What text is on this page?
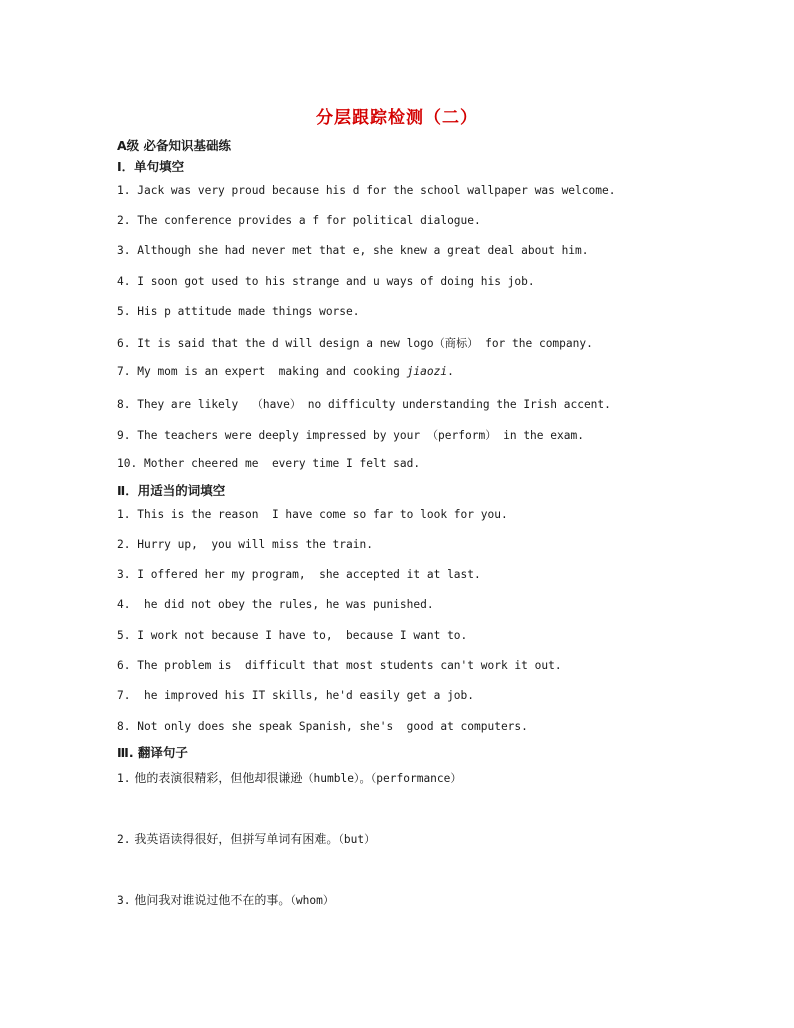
分层跟踪检测（二）
A级 必备知识基础练
Ⅰ．单句填空
1. Jack was very proud because his d for the school wallpaper was welcome.
2. The conference provides a f for political dialogue.
3. Although she had never met that e, she knew a great deal about him.
4. I soon got used to his strange and u ways of doing his job.
5. His p attitude made things worse.
6. It is said that the d will design a new logo（商标） for the company.
7. My mom is an expert  making and cooking jiaozi.
8. They are likely  （have） no difficulty understanding the Irish accent.
9. The teachers were deeply impressed by your （perform） in the exam.
10. Mother cheered me  every time I felt sad.
Ⅱ．用适当的词填空
1. This is the reason  I have come so far to look for you.
2. Hurry up,  you will miss the train.
3. I offered her my program,  she accepted it at last.
4.  he did not obey the rules, he was punished.
5. I work not because I have to,  because I want to.
6. The problem is  difficult that most students can't work it out.
7.  he improved his IT skills, he'd easily get a job.
8. Not only does she speak Spanish, she's  good at computers.
Ⅲ. 翻译句子
1. 他的表演很精彩，但他却很谦逊（humble）。（performance）
2. 我英语读得很好，但拼写单词有困难。（but）
3. 他问我对谁说过他不在的事。（whom）
